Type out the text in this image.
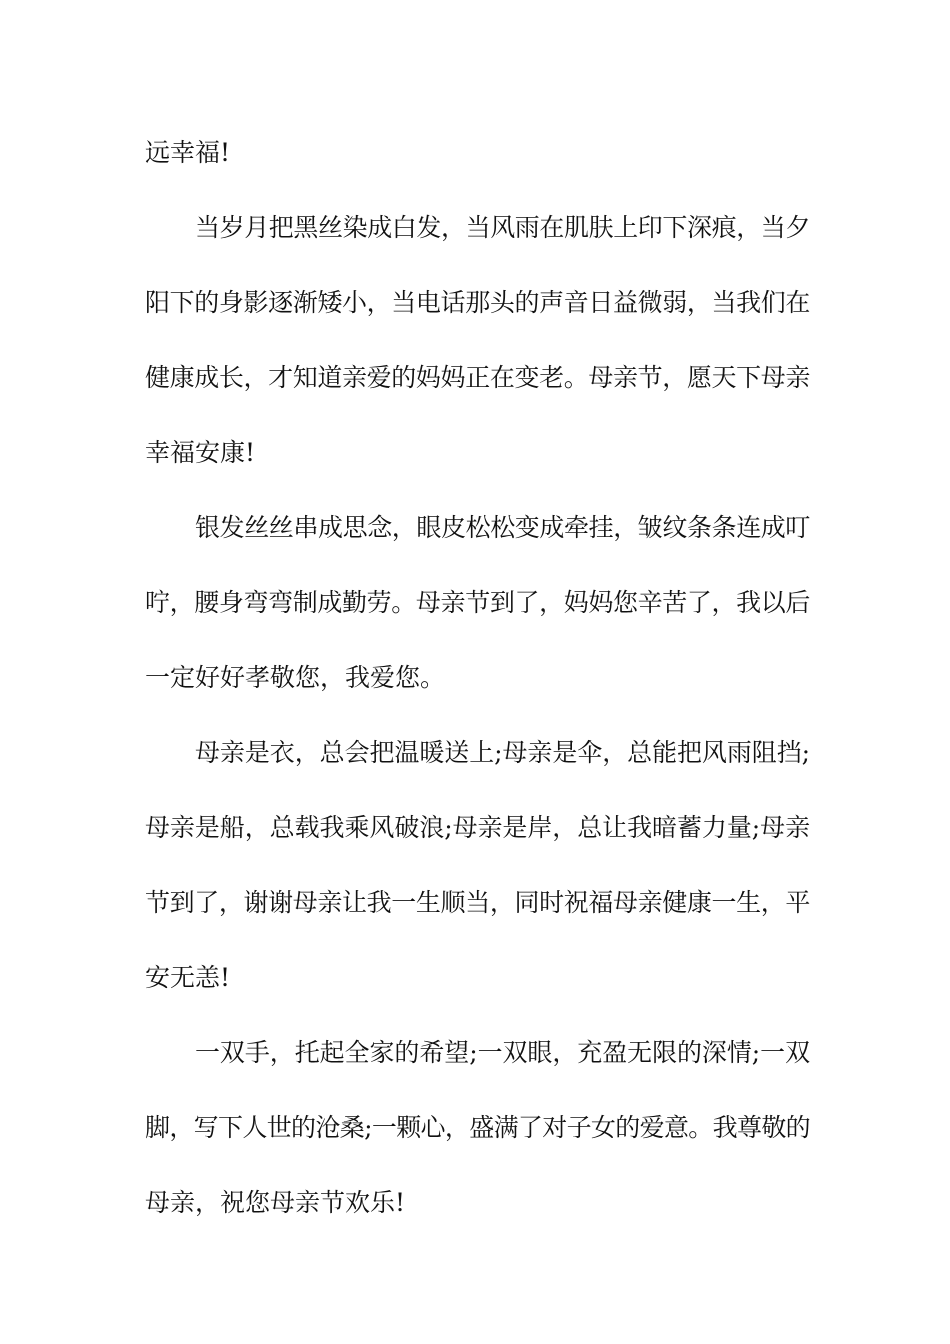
远幸福!
当岁月把黑丝染成白发，当风雨在肌肤上印下深痕，当夕
阳下的身影逐渐矮小，当电话那头的声音日益微弱，当我们在
健康成长，才知道亲爱的妈妈正在变老。母亲节，愿天下母亲
幸福安康!
银发丝丝串成思念，眼皮松松变成牵挂，皱纹条条连成叮
咛，腰身弯弯制成勤劳。母亲节到了，妈妈您辛苦了，我以后
一定好好孝敬您，我爱您。
母亲是衣，总会把温暖送上;母亲是伞，总能把风雨阻挡;
母亲是船，总载我乘风破浪;母亲是岸，总让我暗蓄力量;母亲
节到了，谢谢母亲让我一生顺当，同时祝福母亲健康一生，平
安无恙!
一双手，托起全家的希望;一双眼，充盈无限的深情;一双
脚，写下人世的沧桑;一颗心，盛满了对子女的爱意。我尊敬的
母亲，祝您母亲节欢乐!
